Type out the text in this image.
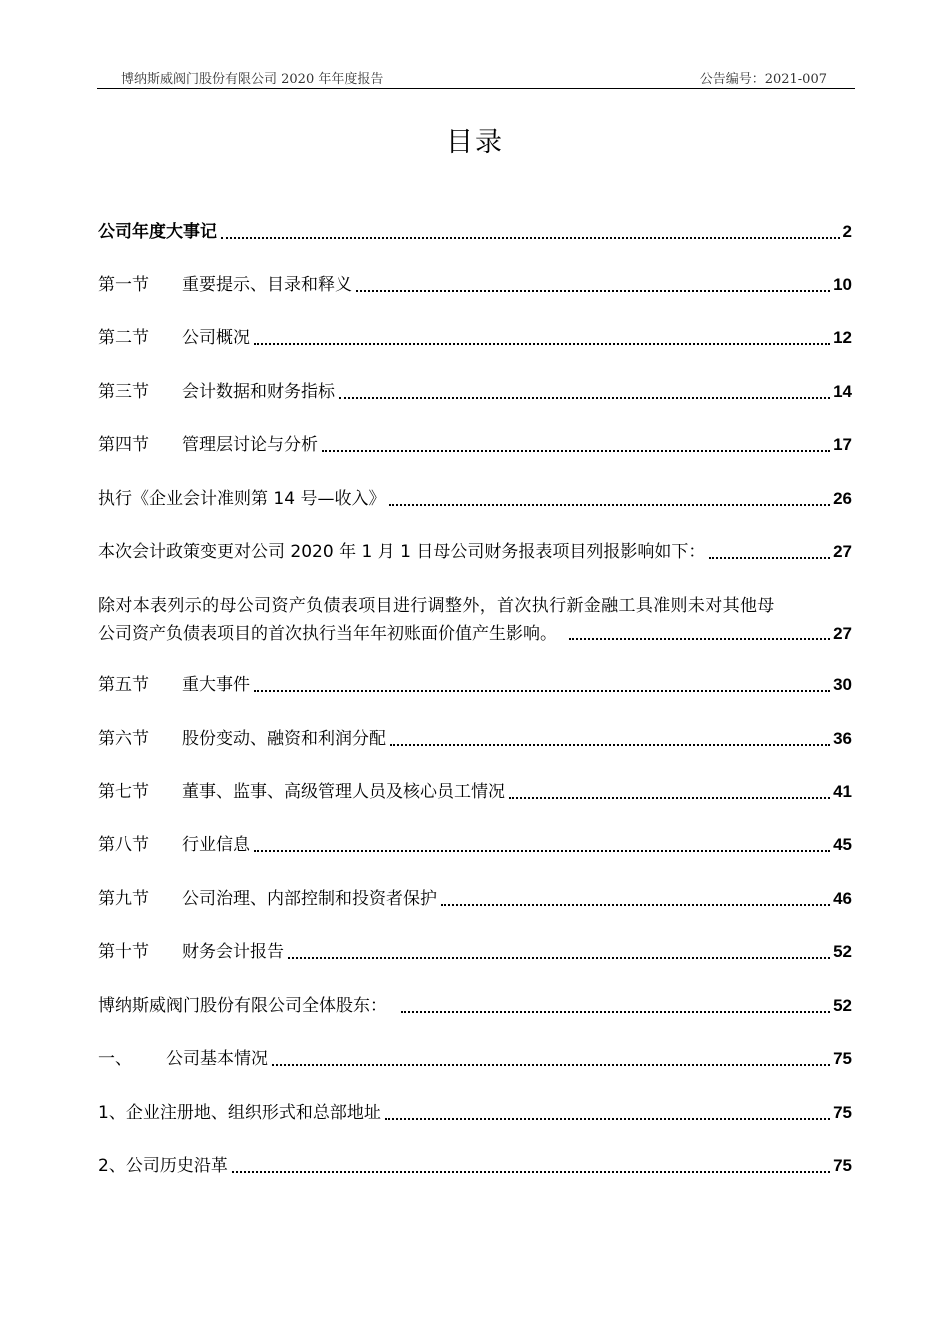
博纳斯威阀门股份有限公司 2020 年年度报告	公告编号：2021-007
目录
公司年度大事记	2
第一节 重要提示、目录和释义	10
第二节 公司概况	12
第三节 会计数据和财务指标	14
第四节 管理层讨论与分析	17
执行《企业会计准则第 14 号—收入》	26
本次会计政策变更对公司 2020 年 1 月 1 日母公司财务报表项目列报影响如下：	27
除对本表列示的母公司资产负债表项目进行调整外，首次执行新金融工具准则未对其他母
公司资产负债表项目的首次执行当年年初账面价值产生影响。	27
第五节 重大事件	30
第六节 股份变动、融资和利润分配	36
第七节 董事、监事、高级管理人员及核心员工情况	41
第八节 行业信息	45
第九节 公司治理、内部控制和投资者保护	46
第十节 财务会计报告	52
博纳斯威阀门股份有限公司全体股东：	52
一、 公司基本情况	75
1、企业注册地、组织形式和总部地址	75
2、公司历史沿革	75
